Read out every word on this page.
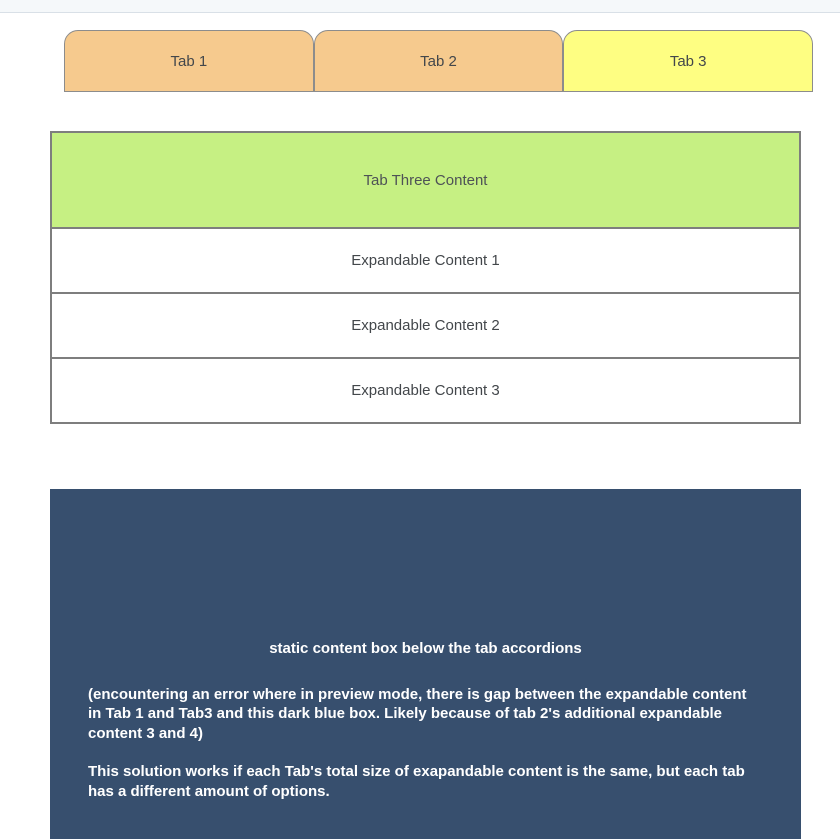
Tab 1	Tab 2	Tab 3
Tab Three Content
Expandable Content 1
Expandable Content 2
Expandable Content 3
static content box below the tab accordions
(encountering an error where in preview mode, there is gap between the expandable content in Tab 1 and Tab3 and this dark blue box. Likely because of tab 2's additional expandable content 3 and 4)
This solution works if each Tab's total size of exapandable content is the same, but each tab has a different amount of options.
